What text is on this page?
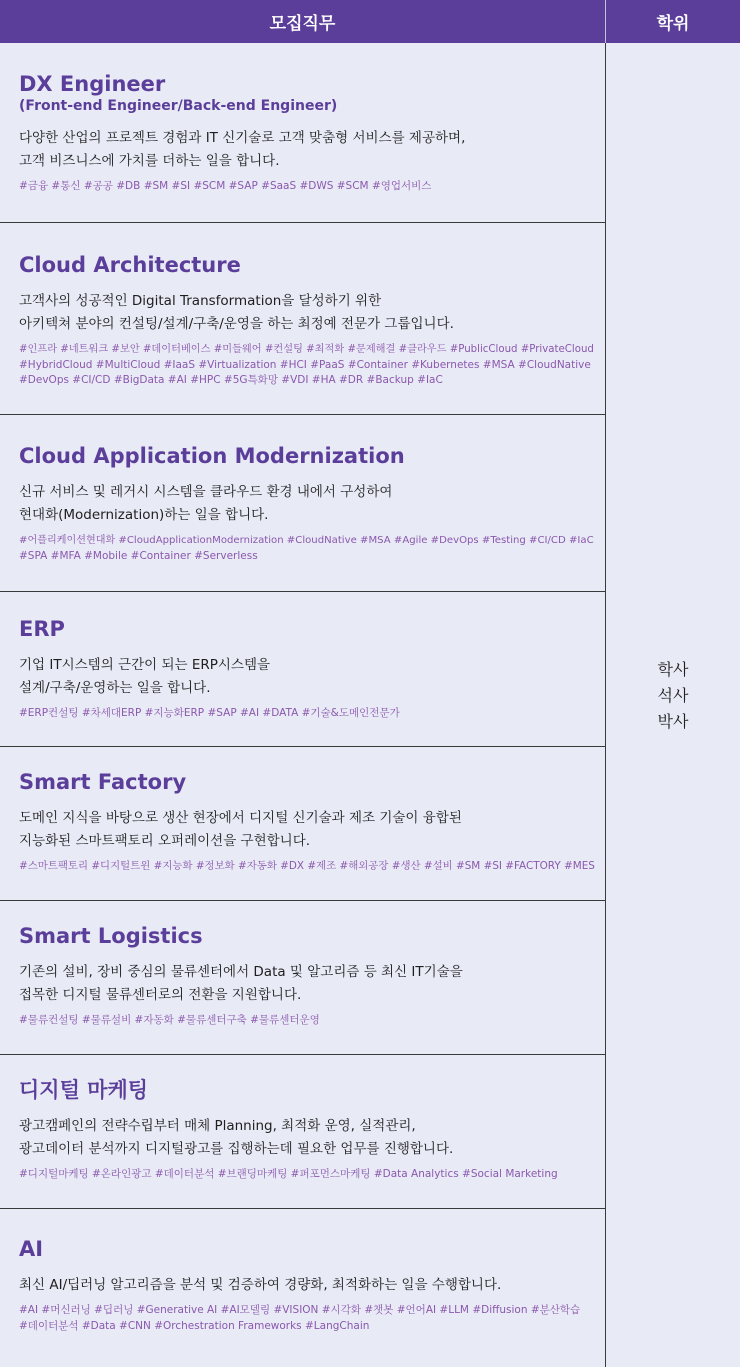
모집직무	학위
DX Engineer
(Front-end Engineer/Back-end Engineer)
다양한 산업의 프로젝트 경험과 IT 신기술로 고객 맞춤형 서비스를 제공하며,
고객 비즈니스에 가치를 더하는 일을 합니다.
#금융 #통신 #공공 #DB #SM #SI #SCM #SAP #SaaS #DWS #SCM #영업서비스
Cloud Architecture
고객사의 성공적인 Digital Transformation을 달성하기 위한
아키텍쳐 분야의 컨설팅/설계/구축/운영을 하는 최정예 전문가 그룹입니다.
#인프라 #네트워크 #보안 #데이터베이스 #미들웨어 #컨설팅 #최적화 #문제해결 #클라우드 #PublicCloud #PrivateCloud
#HybridCloud #MultiCloud #IaaS #Virtualization #HCI #PaaS #Container #Kubernetes #MSA #CloudNative
#DevOps #CI/CD #BigData #AI #HPC #5G특화망 #VDI #HA #DR #Backup #IaC
Cloud Application Modernization
신규 서비스 및 레거시 시스템을 클라우드 환경 내에서 구성하여
현대화(Modernization)하는 일을 합니다.
#어플리케이션현대화 #CloudApplicationModernization #CloudNative #MSA #Agile #DevOps #Testing #CI/CD #IaC
#SPA #MFA #Mobile #Container #Serverless
ERP
기업 IT시스템의 근간이 되는 ERP시스템을
설계/구축/운영하는 일을 합니다.
#ERP컨설팅 #차세대ERP #지능화ERP #SAP #AI #DATA #기술&도메인전문가
Smart Factory
도메인 지식을 바탕으로 생산 현장에서 디지털 신기술과 제조 기술이 융합된
지능화된 스마트팩토리 오퍼레이션을 구현합니다.
#스마트팩토리 #디지털트윈 #지능화 #정보화 #자동화 #DX #제조 #해외공장 #생산 #설비 #SM #SI #FACTORY #MES
Smart Logistics
기존의 설비, 장비 중심의 물류센터에서 Data 및 알고리즘 등 최신 IT기술을
접목한 디지털 물류센터로의 전환을 지원합니다.
#물류컨설팅 #물류설비 #자동화 #물류센터구축 #물류센터운영
디지털 마케팅
광고캠페인의 전략수립부터 매체 Planning, 최적화 운영, 실적관리,
광고데이터 분석까지 디지털광고를 집행하는데 필요한 업무를 진행합니다.
#디지털마케팅 #온라인광고 #데이터분석 #브랜딩마케팅 #퍼포먼스마케팅 #Data Analytics #Social Marketing
AI
최신 AI/딥러닝 알고리즘을 분석 및 검증하여 경량화, 최적화하는 일을 수행합니다.
#AI #머신러닝 #딥러닝 #Generative AI #AI모델링 #VISION #시각화 #챗봇 #언어AI #LLM #Diffusion #분산학습
#데이터분석 #Data #CNN #Orchestration Frameworks #LangChain
학사
석사
박사
